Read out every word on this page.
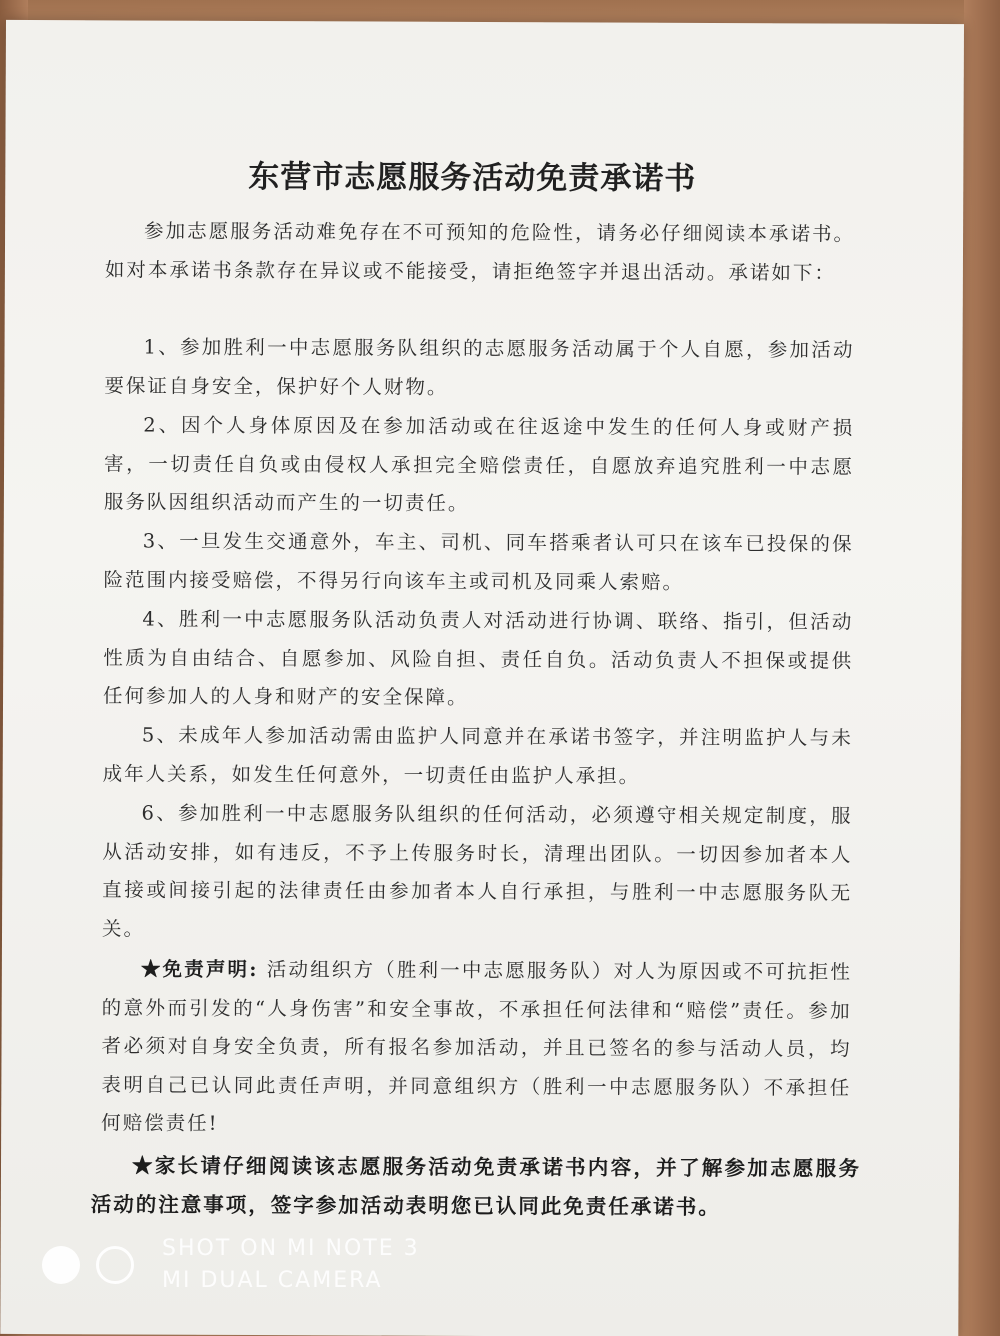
东营市志愿服务活动免责承诺书
参加志愿服务活动难免存在不可预知的危险性，请务必仔细阅读本承诺书。如对本承诺书条款存在异议或不能接受，请拒绝签字并退出活动。承诺如下：
1、参加胜利一中志愿服务队组织的志愿服务活动属于个人自愿，参加活动要保证自身安全，保护好个人财物。
2、因个人身体原因及在参加活动或在往返途中发生的任何人身或财产损害，一切责任自负或由侵权人承担完全赔偿责任，自愿放弃追究胜利一中志愿服务队因组织活动而产生的一切责任。
3、一旦发生交通意外，车主、司机、同车搭乘者认可只在该车已投保的保险范围内接受赔偿，不得另行向该车主或司机及同乘人索赔。
4、胜利一中志愿服务队活动负责人对活动进行协调、联络、指引，但活动性质为自由结合、自愿参加、风险自担、责任自负。活动负责人不担保或提供任何参加人的人身和财产的安全保障。
5、未成年人参加活动需由监护人同意并在承诺书签字，并注明监护人与未成年人关系，如发生任何意外，一切责任由监护人承担。
6、参加胜利一中志愿服务队组织的任何活动，必须遵守相关规定制度，服从活动安排，如有违反，不予上传服务时长，清理出团队。一切因参加者本人直接或间接引起的法律责任由参加者本人自行承担，与胜利一中志愿服务队无关。
★免责声明: 活动组织方（胜利一中志愿服务队）对人为原因或不可抗拒性的意外而引发的“人身伤害”和安全事故，不承担任何法律和“赔偿”责任。参加者必须对自身安全负责，所有报名参加活动，并且已签名的参与活动人员，均表明自己已认同此责任声明，并同意组织方（胜利一中志愿服务队）不承担任何赔偿责任!
★家长请仔细阅读该志愿服务活动免责承诺书内容，并了解参加志愿服务活动的注意事项，签字参加活动表明您已认同此免责任承诺书。
SHOT ON MI NOTE 3
MI DUAL CAMERA
